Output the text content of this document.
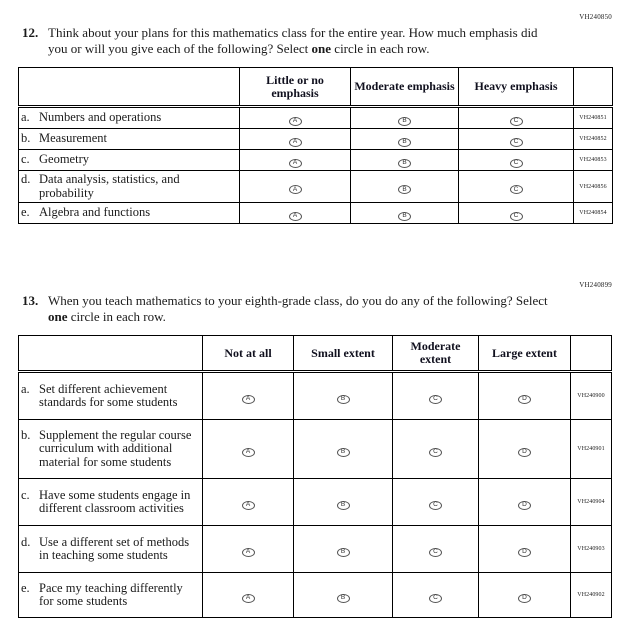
VH240850
12. Think about your plans for this mathematics class for the entire year. How much emphasis did you or will you give each of the following? Select one circle in each row.

	Little or no emphasis	Moderate emphasis	Heavy emphasis	

a. Numbers and operations	A	B	C	VH240851

b. Measurement	A	B	C	VH240852

c. Geometry	A	B	C	VH240853

d. Data analysis, statistics, and probability	A	B	C	VH240856

e. Algebra and functions	A	B	C	VH240854
VH240899
13. When you teach mathematics to your eighth-grade class, do you do any of the following? Select one circle in each row.

	Not at all	Small extent	Moderate extent	Large extent	

a. Set different achievement standards for some students	A	B	C	D	VH240900

b. Supplement the regular course curriculum with additional material for some students	A	B	C	D	VH240901

c. Have some students engage in different classroom activities	A	B	C	D	VH240904

d. Use a different set of methods in teaching some students	A	B	C	D	VH240903

e. Pace my teaching differently for some students	A	B	C	D	VH240902
